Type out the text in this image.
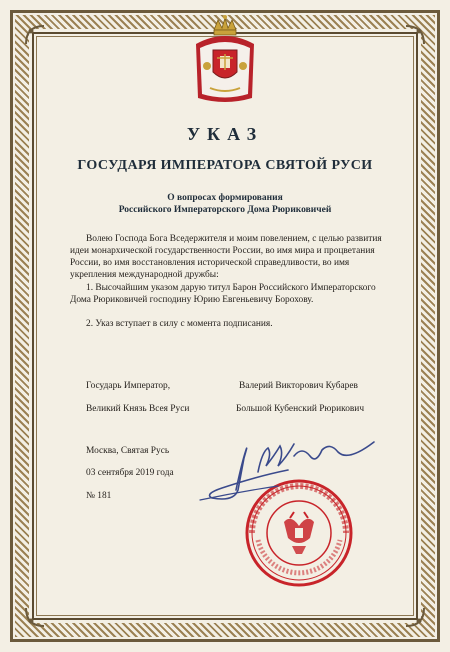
УКАЗ
ГОСУДАРЯ ИМПЕРАТОРА СВЯТОЙ РУСИ
О вопросах формирования
Российского Императорского Дома Рюриковичей
Волею Господа Бога Вседержителя и моим повелением, с целью развития идеи монархической государственности России, во имя мира и процветания России, во имя восстановления исторической справедливости, во имя укрепления международной дружбы:
1. Высочайшим указом дарую титул Барон Российского Императорского Дома Рюриковичей господину Юрию Евгеньевичу Борохову.
2. Указ вступает в силу с момента подписания.
Государь Император,
Великий Князь Всея Руси
Валерий Викторович Кубарев
Большой Кубенский Рюрикович
Москва, Святая Русь
03 сентября 2019 года
№ 181
